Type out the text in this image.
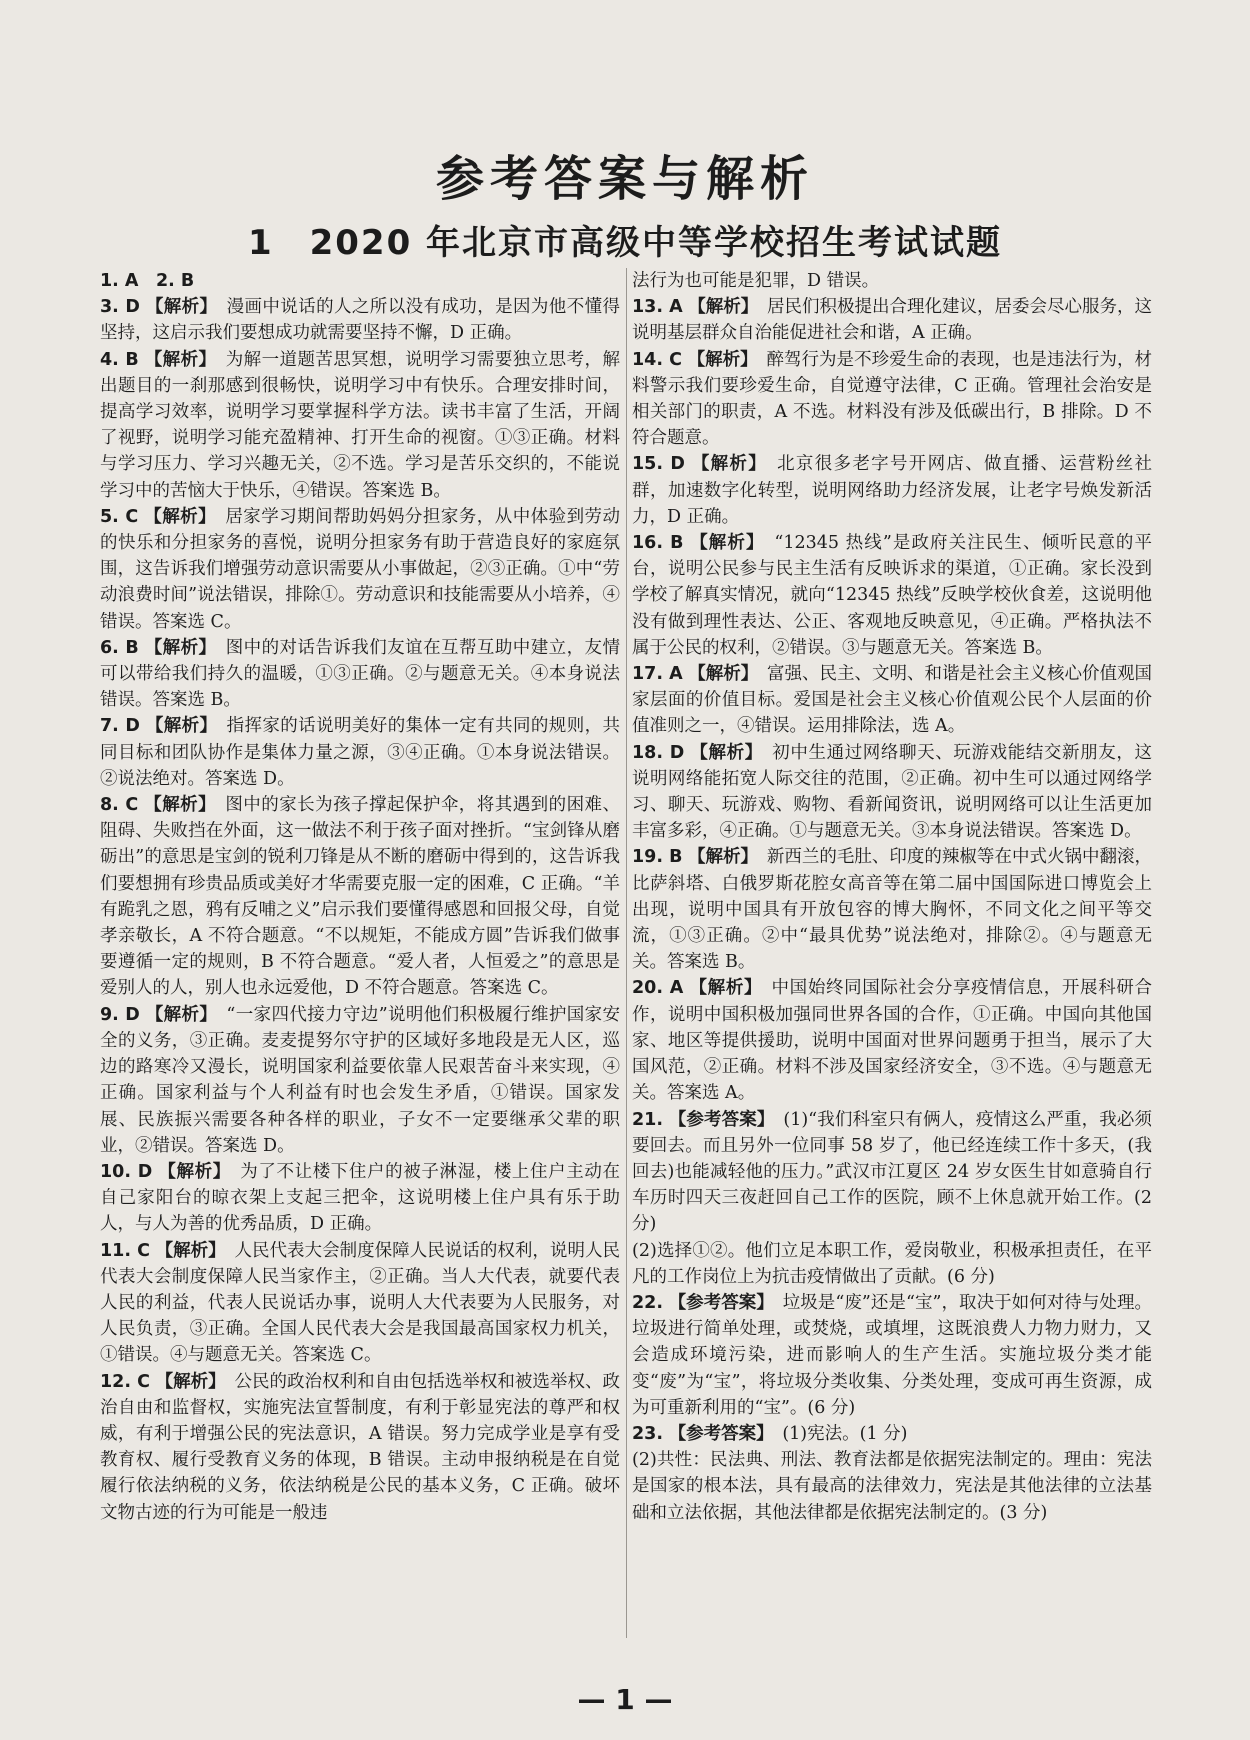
参考答案与解析
1　2020 年北京市高级中等学校招生考试试题

1. A　2. B

3. D 【解析】　漫画中说话的人之所以没有成功，是因为他不懂得坚持，这启示我们要想成功就需要坚持不懈，D 正确。

4. B 【解析】　为解一道题苦思冥想，说明学习需要独立思考，解出题目的一刹那感到很畅快，说明学习中有快乐。合理安排时间，提高学习效率，说明学习要掌握科学方法。读书丰富了生活，开阔了视野，说明学习能充盈精神、打开生命的视窗。①③正确。材料与学习压力、学习兴趣无关，②不选。学习是苦乐交织的，不能说学习中的苦恼大于快乐，④错误。答案选 B。

5. C 【解析】　居家学习期间帮助妈妈分担家务，从中体验到劳动的快乐和分担家务的喜悦，说明分担家务有助于营造良好的家庭氛围，这告诉我们增强劳动意识需要从小事做起，②③正确。①中“劳动浪费时间”说法错误，排除①。劳动意识和技能需要从小培养，④错误。答案选 C。

6. B 【解析】　图中的对话告诉我们友谊在互帮互助中建立，友情可以带给我们持久的温暖，①③正确。②与题意无关。④本身说法错误。答案选 B。

7. D 【解析】　指挥家的话说明美好的集体一定有共同的规则，共同目标和团队协作是集体力量之源，③④正确。①本身说法错误。②说法绝对。答案选 D。

8. C 【解析】　图中的家长为孩子撑起保护伞，将其遇到的困难、阻碍、失败挡在外面，这一做法不利于孩子面对挫折。“宝剑锋从磨砺出”的意思是宝剑的锐利刀锋是从不断的磨砺中得到的，这告诉我们要想拥有珍贵品质或美好才华需要克服一定的困难，C 正确。“羊有跪乳之恩，鸦有反哺之义”启示我们要懂得感恩和回报父母，自觉孝亲敬长，A 不符合题意。“不以规矩，不能成方圆”告诉我们做事要遵循一定的规则，B 不符合题意。“爱人者，人恒爱之”的意思是爱别人的人，别人也永远爱他，D 不符合题意。答案选 C。

9. D 【解析】　“一家四代接力守边”说明他们积极履行维护国家安全的义务，③正确。麦麦提努尔守护的区域好多地段是无人区，巡边的路寒冷又漫长，说明国家利益要依靠人民艰苦奋斗来实现，④正确。国家利益与个人利益有时也会发生矛盾，①错误。国家发展、民族振兴需要各种各样的职业，子女不一定要继承父辈的职业，②错误。答案选 D。

10. D 【解析】　为了不让楼下住户的被子淋湿，楼上住户主动在自己家阳台的晾衣架上支起三把伞，这说明楼上住户具有乐于助人，与人为善的优秀品质，D 正确。

11. C 【解析】　人民代表大会制度保障人民说话的权利，说明人民代表大会制度保障人民当家作主，②正确。当人大代表，就要代表人民的利益，代表人民说话办事，说明人大代表要为人民服务，对人民负责，③正确。全国人民代表大会是我国最高国家权力机关，①错误。④与题意无关。答案选 C。

12. C 【解析】　公民的政治权利和自由包括选举权和被选举权、政治自由和监督权，实施宪法宣誓制度，有利于彰显宪法的尊严和权威，有利于增强公民的宪法意识，A 错误。努力完成学业是享有受教育权、履行受教育义务的体现，B 错误。主动申报纳税是在自觉履行依法纳税的义务，依法纳税是公民的基本义务，C 正确。破坏文物古迹的行为可能是一般违

法行为也可能是犯罪，D 错误。

13. A 【解析】　居民们积极提出合理化建议，居委会尽心服务，这说明基层群众自治能促进社会和谐，A 正确。

14. C 【解析】　醉驾行为是不珍爱生命的表现，也是违法行为，材料警示我们要珍爱生命，自觉遵守法律，C 正确。管理社会治安是相关部门的职责，A 不选。材料没有涉及低碳出行，B 排除。D 不符合题意。

15. D 【解析】　北京很多老字号开网店、做直播、运营粉丝社群，加速数字化转型，说明网络助力经济发展，让老字号焕发新活力，D 正确。

16. B 【解析】　“12345 热线”是政府关注民生、倾听民意的平台，说明公民参与民主生活有反映诉求的渠道，①正确。家长没到学校了解真实情况，就向“12345 热线”反映学校伙食差，这说明他没有做到理性表达、公正、客观地反映意见，④正确。严格执法不属于公民的权利，②错误。③与题意无关。答案选 B。

17. A 【解析】　富强、民主、文明、和谐是社会主义核心价值观国家层面的价值目标。爱国是社会主义核心价值观公民个人层面的价值准则之一，④错误。运用排除法，选 A。

18. D 【解析】　初中生通过网络聊天、玩游戏能结交新朋友，这说明网络能拓宽人际交往的范围，②正确。初中生可以通过网络学习、聊天、玩游戏、购物、看新闻资讯，说明网络可以让生活更加丰富多彩，④正确。①与题意无关。③本身说法错误。答案选 D。

19. B 【解析】　新西兰的毛肚、印度的辣椒等在中式火锅中翻滚，比萨斜塔、白俄罗斯花腔女高音等在第二届中国国际进口博览会上出现，说明中国具有开放包容的博大胸怀，不同文化之间平等交流，①③正确。②中“最具优势”说法绝对，排除②。④与题意无关。答案选 B。

20. A 【解析】　中国始终同国际社会分享疫情信息，开展科研合作，说明中国积极加强同世界各国的合作，①正确。中国向其他国家、地区等提供援助，说明中国面对世界问题勇于担当，展示了大国风范，②正确。材料不涉及国家经济安全，③不选。④与题意无关。答案选 A。

21. 【参考答案】　(1)“我们科室只有俩人，疫情这么严重，我必须要回去。而且另外一位同事 58 岁了，他已经连续工作十多天，(我回去)也能减轻他的压力。”武汉市江夏区 24 岁女医生甘如意骑自行车历时四天三夜赶回自己工作的医院，顾不上休息就开始工作。(2 分)

(2)选择①②。他们立足本职工作，爱岗敬业，积极承担责任，在平凡的工作岗位上为抗击疫情做出了贡献。(6 分)

22. 【参考答案】　垃圾是“废”还是“宝”，取决于如何对待与处理。垃圾进行简单处理，或焚烧，或填埋，这既浪费人力物力财力，又会造成环境污染，进而影响人的生产生活。实施垃圾分类才能变“废”为“宝”，将垃圾分类收集、分类处理，变成可再生资源，成为可重新利用的“宝”。(6 分)

23. 【参考答案】　(1)宪法。(1 分)

(2)共性：民法典、刑法、教育法都是依据宪法制定的。理由：宪法是国家的根本法，具有最高的法律效力，宪法是其他法律的立法基础和立法依据，其他法律都是依据宪法制定的。(3 分)

— 1 —
